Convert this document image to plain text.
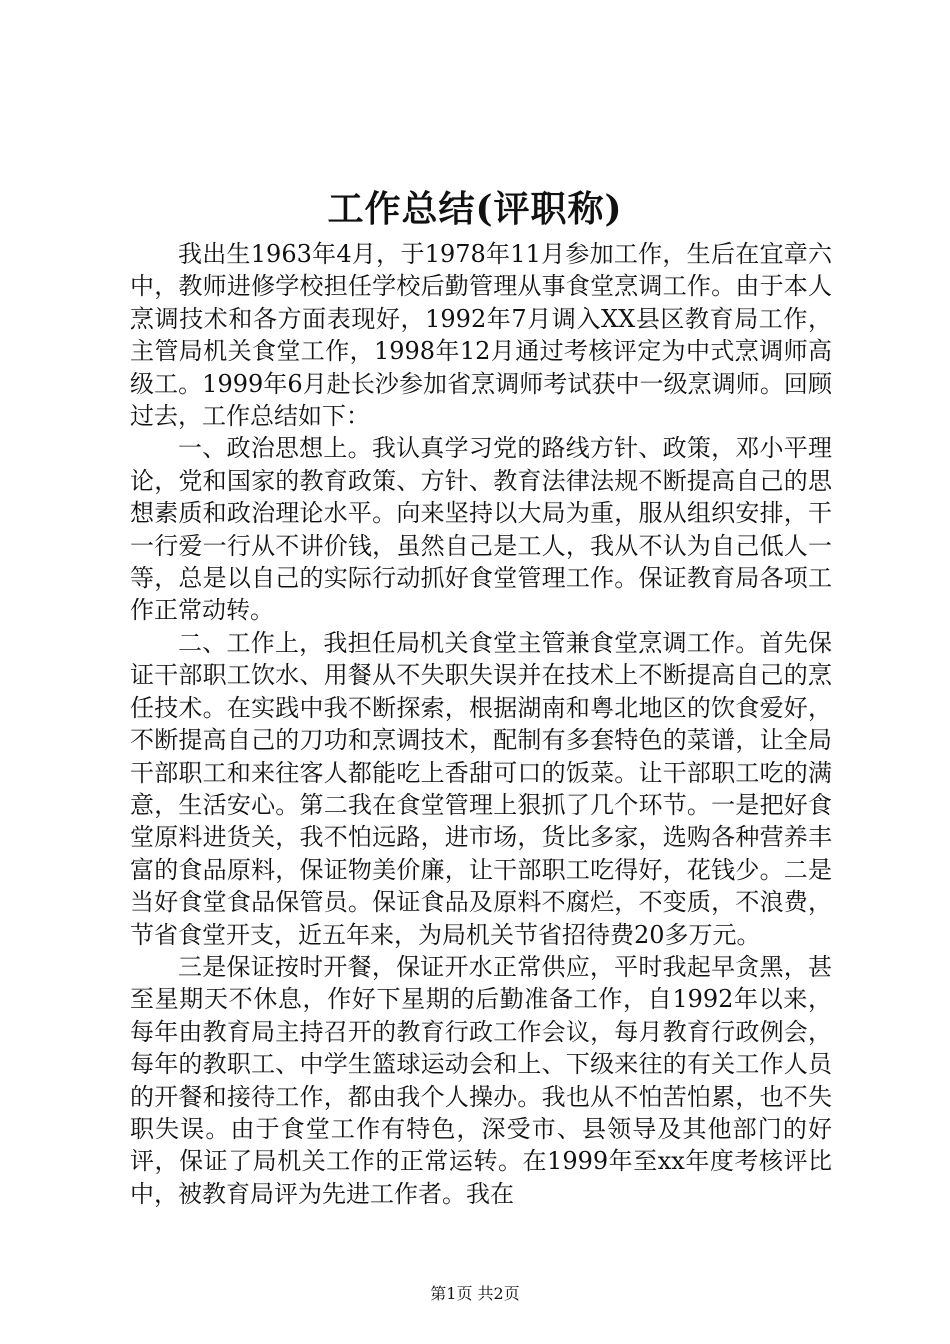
工作总结(评职称)

我出生1963年4月，于1978年11月参加工作，生后在宜章六中，教师进修学校担任学校后勤管理从事食堂烹调工作。由于本人烹调技术和各方面表现好，1992年7月调入XX县区教育局工作，主管局机关食堂工作，1998年12月通过考核评定为中式烹调师高级工。1999年6月赴长沙参加省烹调师考试获中一级烹调师。回顾过去，工作总结如下：

一、政治思想上。我认真学习党的路线方针、政策，邓小平理论，党和国家的教育政策、方针、教育法律法规不断提高自己的思想素质和政治理论水平。向来坚持以大局为重，服从组织安排，干一行爱一行从不讲价钱，虽然自己是工人，我从不认为自己低人一等，总是以自己的实际行动抓好食堂管理工作。保证教育局各项工作正常动转。

二、工作上，我担任局机关食堂主管兼食堂烹调工作。首先保证干部职工饮水、用餐从不失职失误并在技术上不断提高自己的烹任技术。在实践中我不断探索，根据湖南和粤北地区的饮食爱好，不断提高自己的刀功和烹调技术，配制有多套特色的菜谱，让全局干部职工和来往客人都能吃上香甜可口的饭菜。让干部职工吃的满意，生活安心。第二我在食堂管理上狠抓了几个环节。一是把好食堂原料进货关，我不怕远路，进市场，货比多家，选购各种营养丰富的食品原料，保证物美价廉，让干部职工吃得好，花钱少。二是当好食堂食品保管员。保证食品及原料不腐烂，不变质，不浪费，节省食堂开支，近五年来，为局机关节省招待费20多万元。

三是保证按时开餐，保证开水正常供应，平时我起早贪黑，甚至星期天不休息，作好下星期的后勤准备工作，自1992年以来，每年由教育局主持召开的教育行政工作会议，每月教育行政例会，每年的教职工、中学生篮球运动会和上、下级来往的有关工作人员的开餐和接待工作，都由我个人操办。我也从不怕苦怕累，也不失职失误。由于食堂工作有特色，深受市、县领导及其他部门的好评，保证了局机关工作的正常运转。在1999年至xx年度考核评比中，被教育局评为先进工作者。我在

第1页 共2页
